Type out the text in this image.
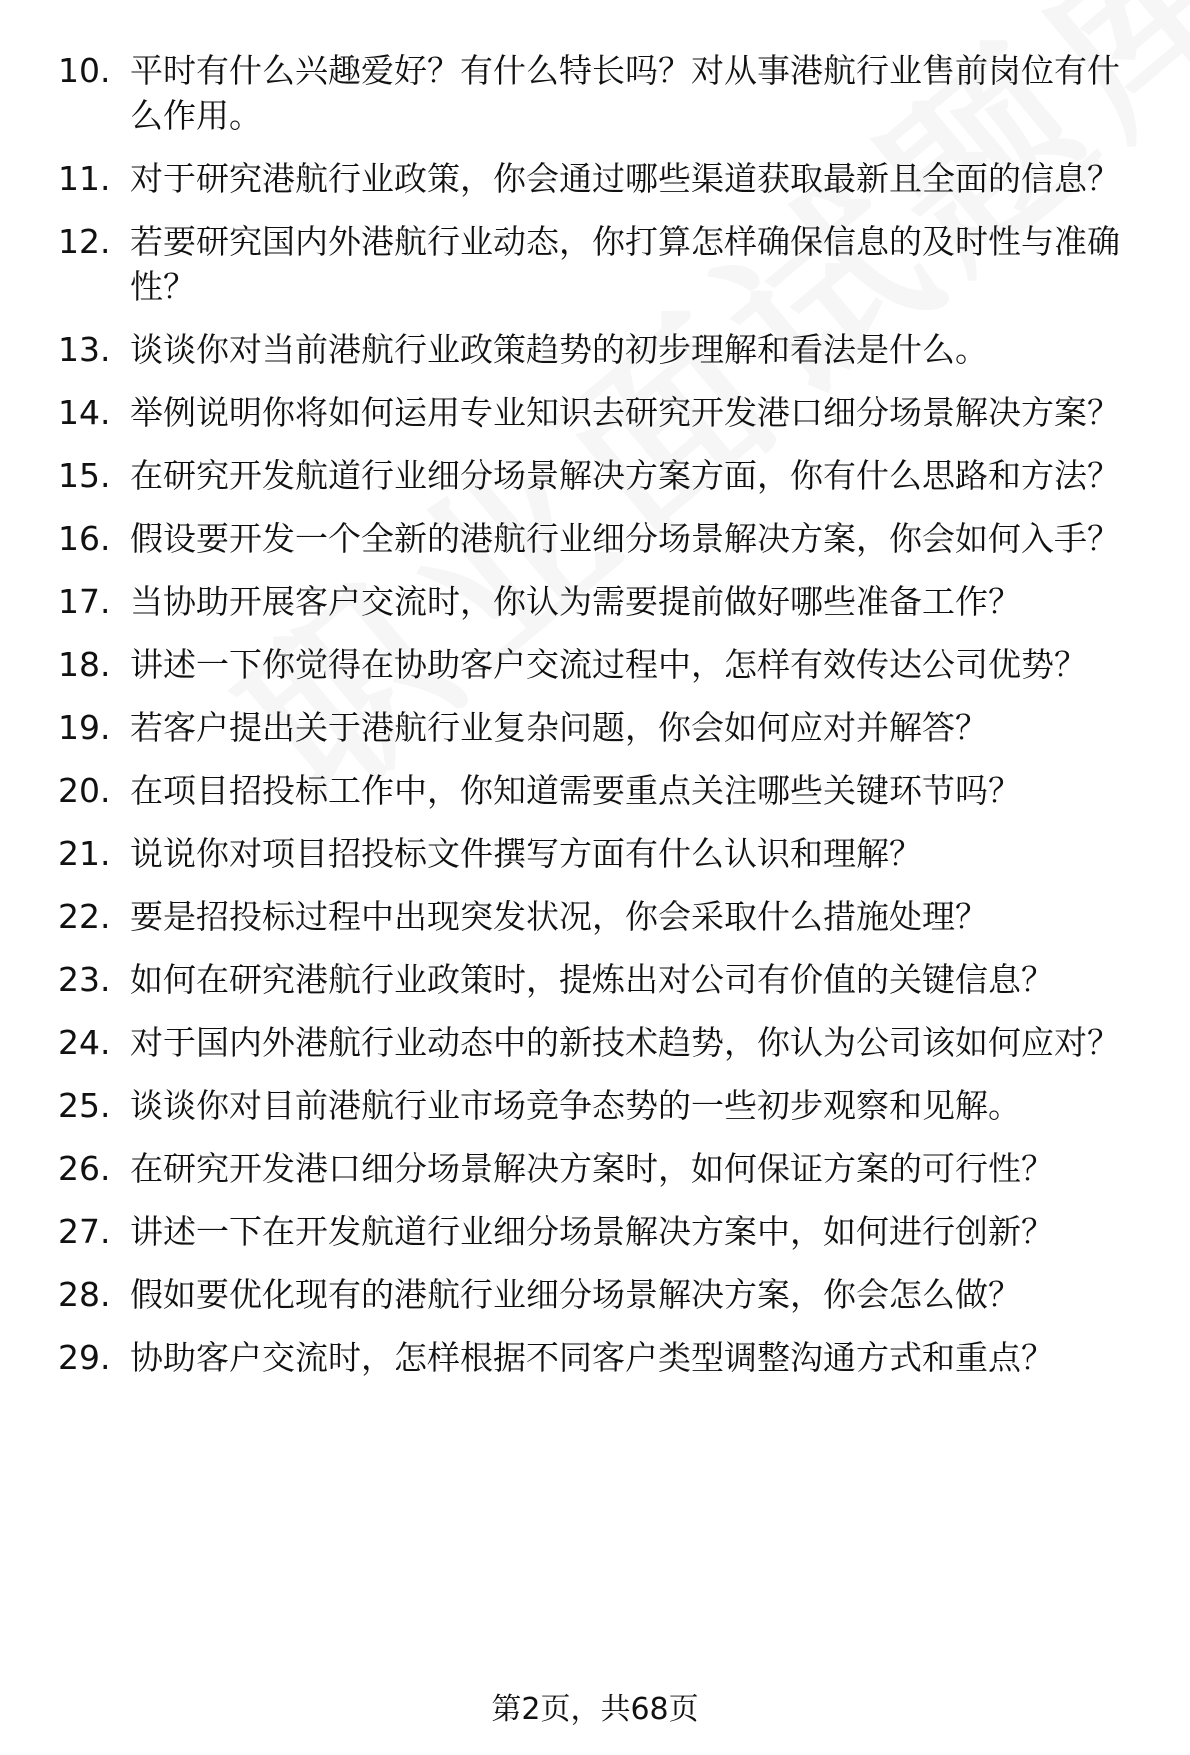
10. 平时有什么兴趣爱好？有什么特长吗？对从事港航行业售前岗位有什么作用。
11. 对于研究港航行业政策，你会通过哪些渠道获取最新且全面的信息？
12. 若要研究国内外港航行业动态，你打算怎样确保信息的及时性与准确性？
13. 谈谈你对当前港航行业政策趋势的初步理解和看法是什么。
14. 举例说明你将如何运用专业知识去研究开发港口细分场景解决方案？
15. 在研究开发航道行业细分场景解决方案方面，你有什么思路和方法？
16. 假设要开发一个全新的港航行业细分场景解决方案，你会如何入手？
17. 当协助开展客户交流时，你认为需要提前做好哪些准备工作？
18. 讲述一下你觉得在协助客户交流过程中，怎样有效传达公司优势？
19. 若客户提出关于港航行业复杂问题，你会如何应对并解答？
20. 在项目招投标工作中，你知道需要重点关注哪些关键环节吗？
21. 说说你对项目招投标文件撰写方面有什么认识和理解？
22. 要是招投标过程中出现突发状况，你会采取什么措施处理？
23. 如何在研究港航行业政策时，提炼出对公司有价值的关键信息？
24. 对于国内外港航行业动态中的新技术趋势，你认为公司该如何应对？
25. 谈谈你对目前港航行业市场竞争态势的一些初步观察和见解。
26. 在研究开发港口细分场景解决方案时，如何保证方案的可行性？
27. 讲述一下在开发航道行业细分场景解决方案中，如何进行创新？
28. 假如要优化现有的港航行业细分场景解决方案，你会怎么做？
29. 协助客户交流时，怎样根据不同客户类型调整沟通方式和重点？
第2页，共68页
